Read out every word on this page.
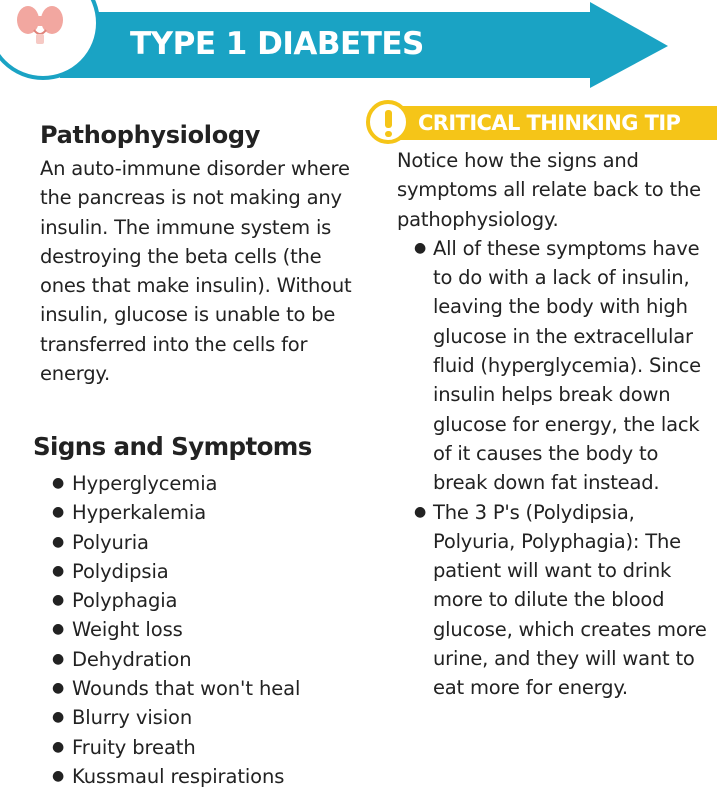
TYPE 1 DIABETES
Pathophysiology

An auto-immune disorder where the pancreas is not making any insulin. The immune system is destroying the beta cells (the ones that make insulin). Without insulin, glucose is unable to be transferred into the cells for energy.

Signs and Symptoms
● Hyperglycemia
● Hyperkalemia
● Polyuria
● Polydipsia
● Polyphagia
● Weight loss
● Dehydration
● Wounds that won't heal
● Blurry vision
● Fruity breath
● Kussmaul respirations
CRITICAL THINKING TIP

Notice how the signs and symptoms all relate back to the pathophysiology.

● All of these symptoms have to do with a lack of insulin, leaving the body with high glucose in the extracellular fluid (hyperglycemia). Since insulin helps break down glucose for energy, the lack of it causes the body to break down fat instead.
● The 3 P's (Polydipsia, Polyuria, Polyphagia): The patient will want to drink more to dilute the blood glucose, which creates more urine, and they will want to eat more for energy.
